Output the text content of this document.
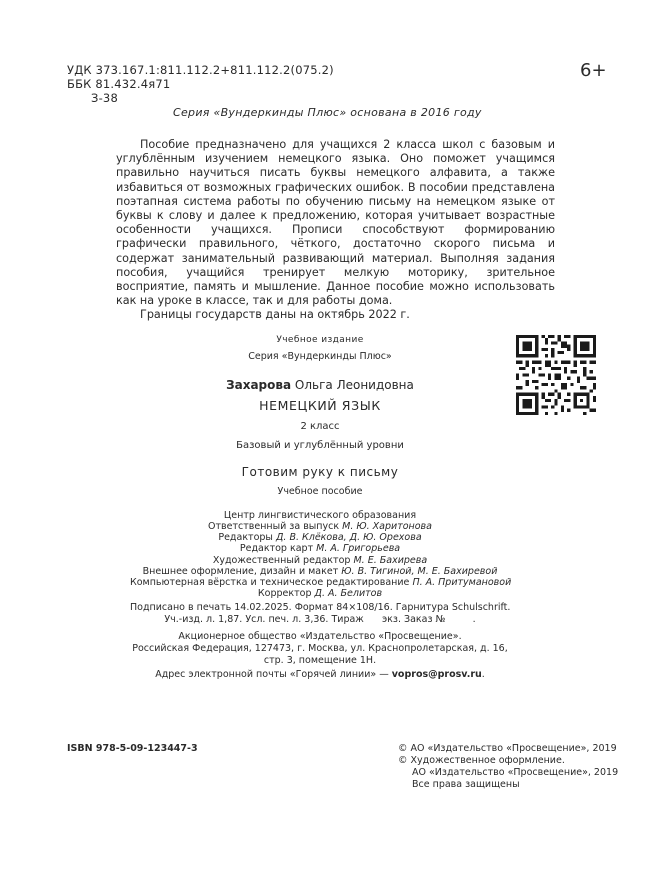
УДК 373.167.1:811.112.2+811.112.2(075.2)
ББК 81.432.4я71
З-38
6+
Серия «Вундеркинды Плюс» основана в 2016 году

Пособие предназначено для учащихся 2 класса школ с базовым и углублённым изучением немецкого языка. Оно поможет учащимся правильно научиться писать буквы немецкого алфавита, а также избавиться от возможных графических ошибок. В пособии представлена поэтапная система работы по обучению письму на немецком языке от буквы к слову и далее к предложению, которая учитывает возрастные особенности учащихся. Прописи способствуют формированию графически правильного, чёткого, достаточно скорого письма и содержат занимательный развивающий материал. Выполняя задания пособия, учащийся тренирует мелкую моторику, зрительное восприятие, память и мышление. Данное пособие можно использовать как на уроке в классе, так и для работы дома.

Границы государств даны на октябрь 2022 г.

Учебное издание
Серия «Вундеркинды Плюс»
Захарова Ольга Леонидовна
НЕМЕЦКИЙ ЯЗЫК
2 класс
Базовый и углублённый уровни
Готовим руку к письму
Учебное пособие
Центр лингвистического образования
Ответственный за выпуск М. Ю. Харитонова
Редакторы Д. В. Клёкова, Д. Ю. Орехова
Редактор карт М. А. Григорьева
Художественный редактор М. Е. Бахирева
Внешнее оформление, дизайн и макет Ю. В. Тигиной, М. Е. Бахиревой
Компьютерная вёрстка и техническое редактирование П. А. Притумановой
Корректор Д. А. Белитов
Подписано в печать 14.02.2025. Формат 84×108/16. Гарнитура Schulschrift.
Уч.-изд. л. 1,87. Усл. печ. л. 3,36. Тираж      экз. Заказ №         .
Акционерное общество «Издательство «Просвещение».
Российская Федерация, 127473, г. Москва, ул. Краснопролетарская, д. 16,
стр. 3, помещение 1Н.
Адрес электронной почты «Горячей линии» — vopros@prosv.ru.
ISBN 978-5-09-123447-3	© АО «Издательство «Просвещение», 2019
© Художественное оформление.
АО «Издательство «Просвещение», 2019
Все права защищены
